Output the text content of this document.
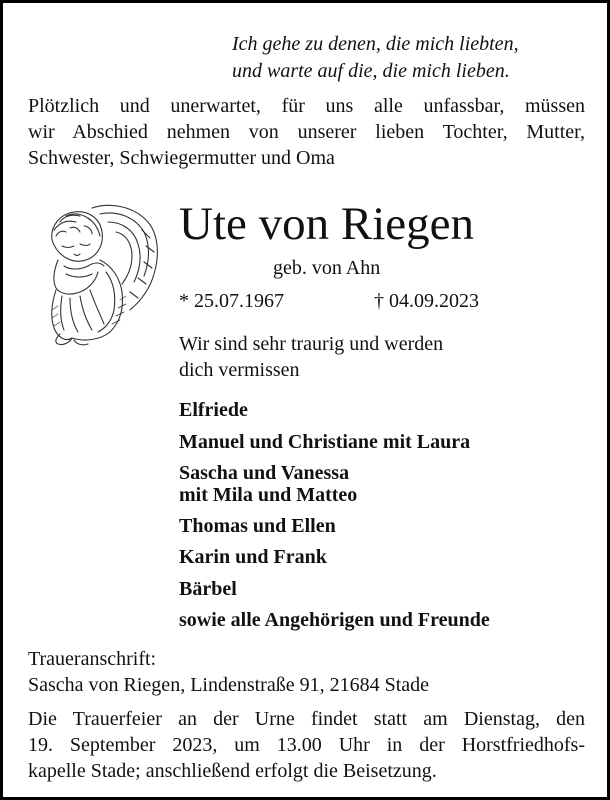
Ich gehe zu denen, die mich liebten,
und warte auf die, die mich lieben.
Plötzlich und unerwartet, für uns alle unfassbar, müssen
wir Abschied nehmen von unserer lieben Tochter, Mutter,
Schwester, Schwiegermutter und Oma
Ute von Riegen
geb. von Ahn
* 25.07.1967	† 04.09.2023
Wir sind sehr traurig und werden
dich vermissen
Elfriede
Manuel und Christiane mit Laura
Sascha und Vanessa
mit Mila und Matteo
Thomas und Ellen
Karin und Frank
Bärbel
sowie alle Angehörigen und Freunde
Traueranschrift:
Sascha von Riegen, Lindenstraße 91, 21684 Stade
Die Trauerfeier an der Urne findet statt am Dienstag, den
19. September 2023, um 13.00 Uhr in der Horstfriedhofs-
kapelle Stade; anschließend erfolgt die Beisetzung.
